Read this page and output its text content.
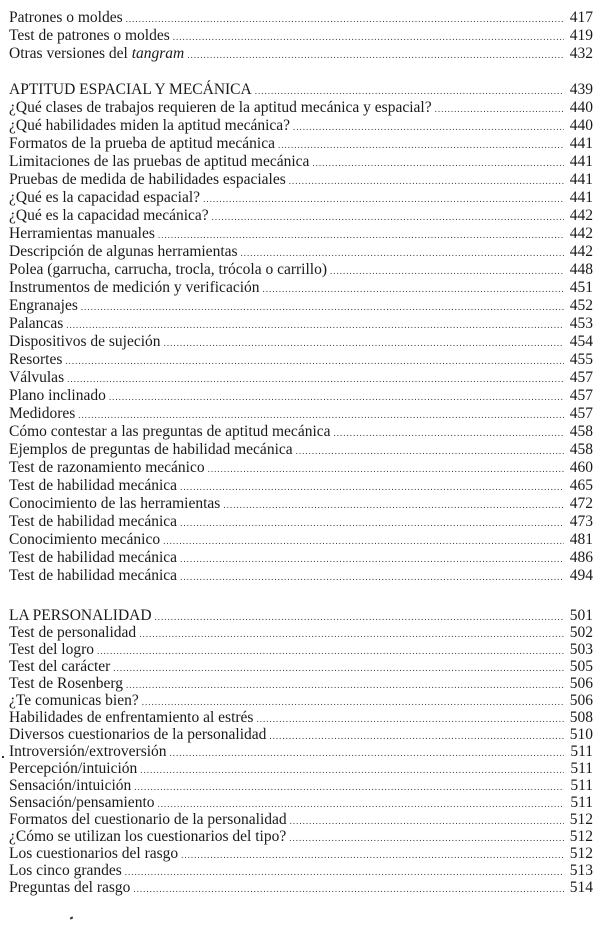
Patrones o moldes .....	417
Test de patrones o moldes .....	419
Otras versiones del tangram .....	432
APTITUD ESPACIAL Y MECÁNICA .....	439
¿Qué clases de trabajos requieren de la aptitud mecánica y espacial? .....	440
¿Qué habilidades miden la aptitud mecánica? .....	440
Formatos de la prueba de aptitud mecánica .....	441
Limitaciones de las pruebas de aptitud mecánica .....	441
Pruebas de medida de habilidades espaciales .....	441
¿Qué es la capacidad espacial? .....	441
¿Qué es la capacidad mecánica? .....	442
Herramientas manuales .....	442
Descripción de algunas herramientas .....	442
Polea (garrucha, carrucha, trocla, trócola o carrillo) .....	448
Instrumentos de medición y verificación .....	451
Engranajes .....	452
Palancas .....	453
Dispositivos de sujeción .....	454
Resortes .....	455
Válvulas .....	457
Plano inclinado .....	457
Medidores .....	457
Cómo contestar a las preguntas de aptitud mecánica .....	458
Ejemplos de preguntas de habilidad mecánica .....	458
Test de razonamiento mecánico .....	460
Test de habilidad mecánica .....	465
Conocimiento de las herramientas .....	472
Test de habilidad mecánica .....	473
Conocimiento mecánico .....	481
Test de habilidad mecánica .....	486
Test de habilidad mecánica .....	494
LA PERSONALIDAD .....	501
Test de personalidad .....	502
Test del logro .....	503
Test del carácter .....	505
Test de Rosenberg .....	506
¿Te comunicas bien? .....	506
Habilidades de enfrentamiento al estrés .....	508
Diversos cuestionarios de la personalidad .....	510
Introversión/extroversión .....	511
Percepción/intuición .....	511
Sensación/intuición .....	511
Sensación/pensamiento .....	511
Formatos del cuestionario de la personalidad .....	512
¿Cómo se utilizan los cuestionarios del tipo? .....	512
Los cuestionarios del rasgo .....	512
Los cinco grandes .....	513
Preguntas del rasgo .....	514
